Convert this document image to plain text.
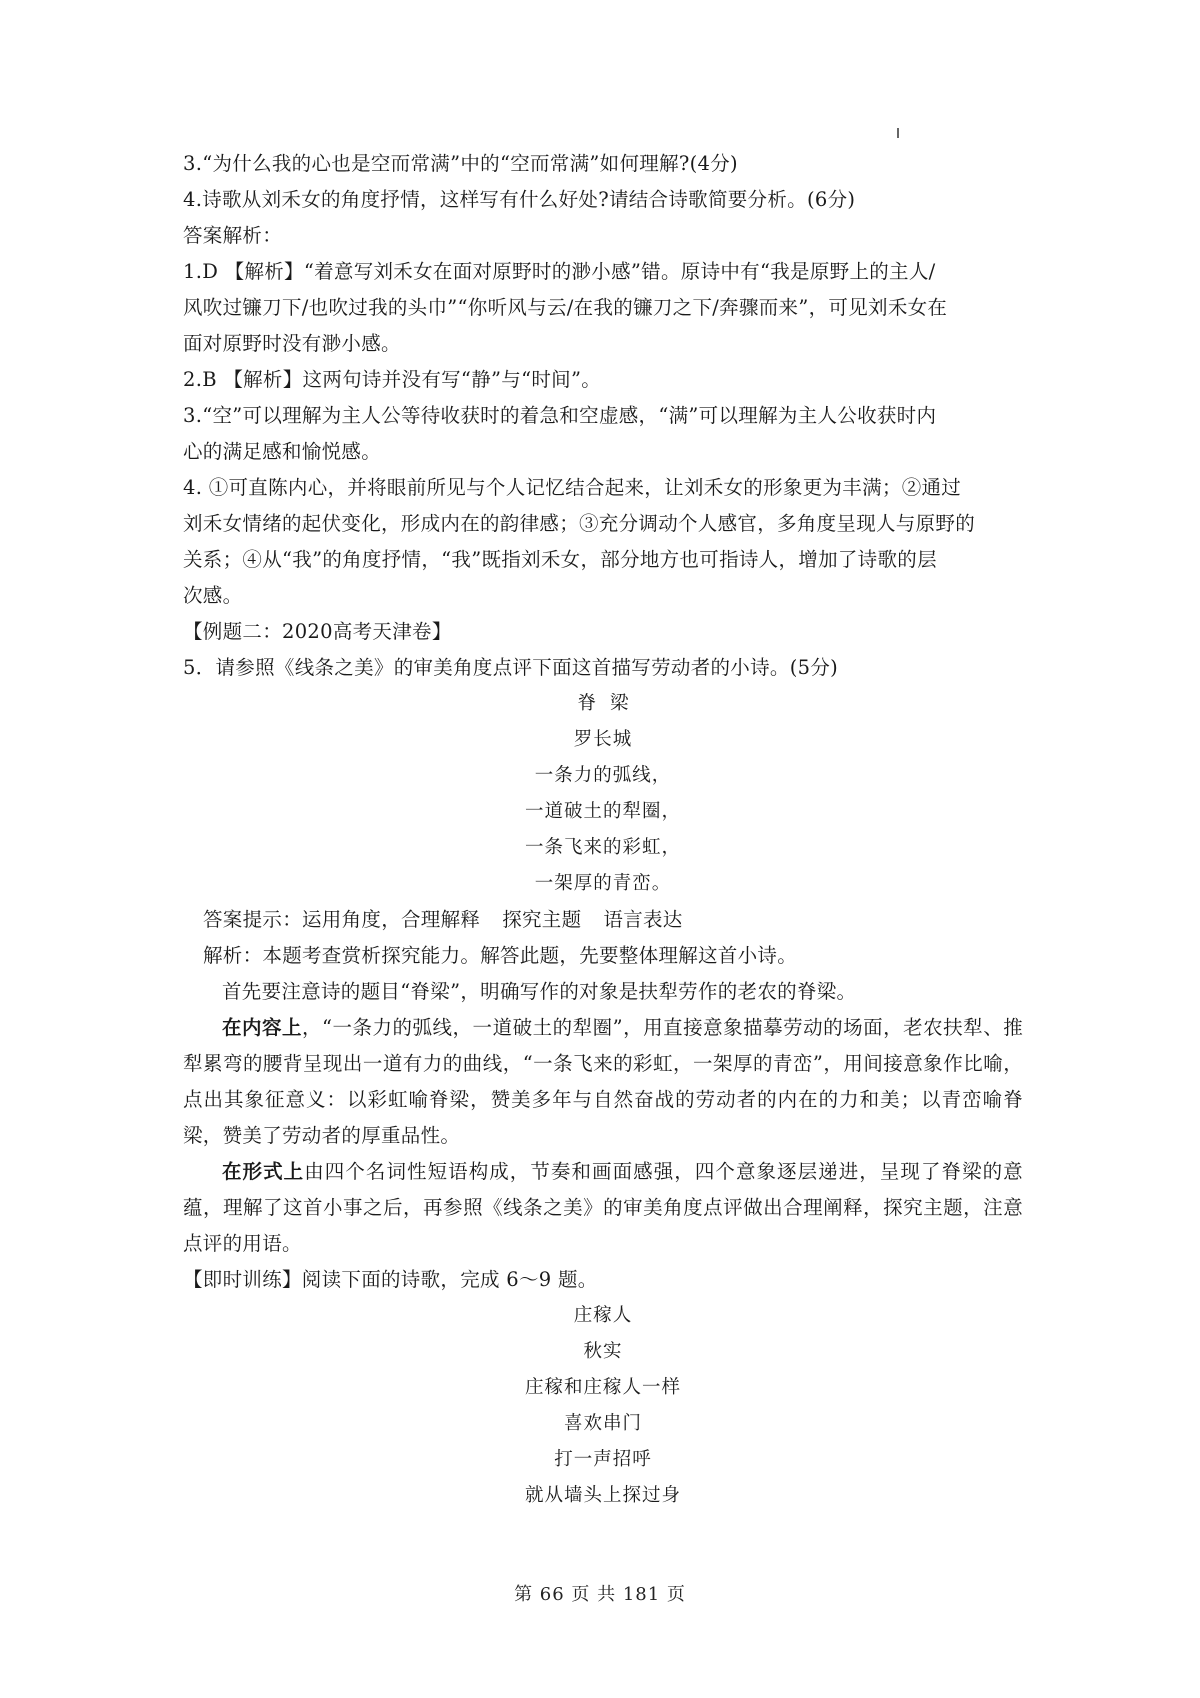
3.“为什么我的心也是空而常满”中的“空而常满”如何理解?(4分)

4.诗歌从刘禾女的角度抒情，这样写有什么好处?请结合诗歌简要分析。(6分)

答案解析：

1.D 【解析】“着意写刘禾女在面对原野时的渺小感”错。原诗中有“我是原野上的主人/

风吹过镰刀下/也吹过我的头巾”“你听风与云/在我的镰刀之下/奔骤而来”，可见刘禾女在

面对原野时没有渺小感。

2.B 【解析】这两句诗并没有写“静”与“时间”。

3.“空”可以理解为主人公等待收获时的着急和空虚感，“满”可以理解为主人公收获时内

心的满足感和愉悦感。

4. ①可直陈内心，并将眼前所见与个人记忆结合起来，让刘禾女的形象更为丰满；②通过

刘禾女情绪的起伏变化，形成内在的韵律感；③充分调动个人感官，多角度呈现人与原野的

关系；④从“我”的角度抒情，“我”既指刘禾女，部分地方也可指诗人，增加了诗歌的层

次感。

【例题二：2020高考天津卷】

5．请参照《线条之美》的审美角度点评下面这首描写劳动者的小诗。(5分)

脊梁

罗长城

一条力的弧线，

一道破土的犁圈，

一条飞来的彩虹，

一架厚的青峦。

答案提示：运用角度，合理解释 探究主题 语言表达

解析：本题考查赏析探究能力。解答此题，先要整体理解这首小诗。

首先要注意诗的题目“脊梁”，明确写作的对象是扶犁劳作的老农的脊梁。

在内容上，“一条力的弧线，一道破土的犁圈”，用直接意象描摹劳动的场面，老农扶犁、推犁累弯的腰背呈现出一道有力的曲线，“一条飞来的彩虹，一架厚的青峦”，用间接意象作比喻，点出其象征意义：以彩虹喻脊梁，赞美多年与自然奋战的劳动者的内在的力和美；以青峦喻脊梁，赞美了劳动者的厚重品性。

在形式上由四个名词性短语构成，节奏和画面感强，四个意象逐层递进，呈现了脊梁的意蕴，理解了这首小事之后，再参照《线条之美》的审美角度点评做出合理阐释，探究主题，注意点评的用语。

【即时训练】阅读下面的诗歌，完成 6～9 题。

庄稼人

秋实

庄稼和庄稼人一样

喜欢串门

打一声招呼

就从墙头上探过身

第 66 页 共 181 页
